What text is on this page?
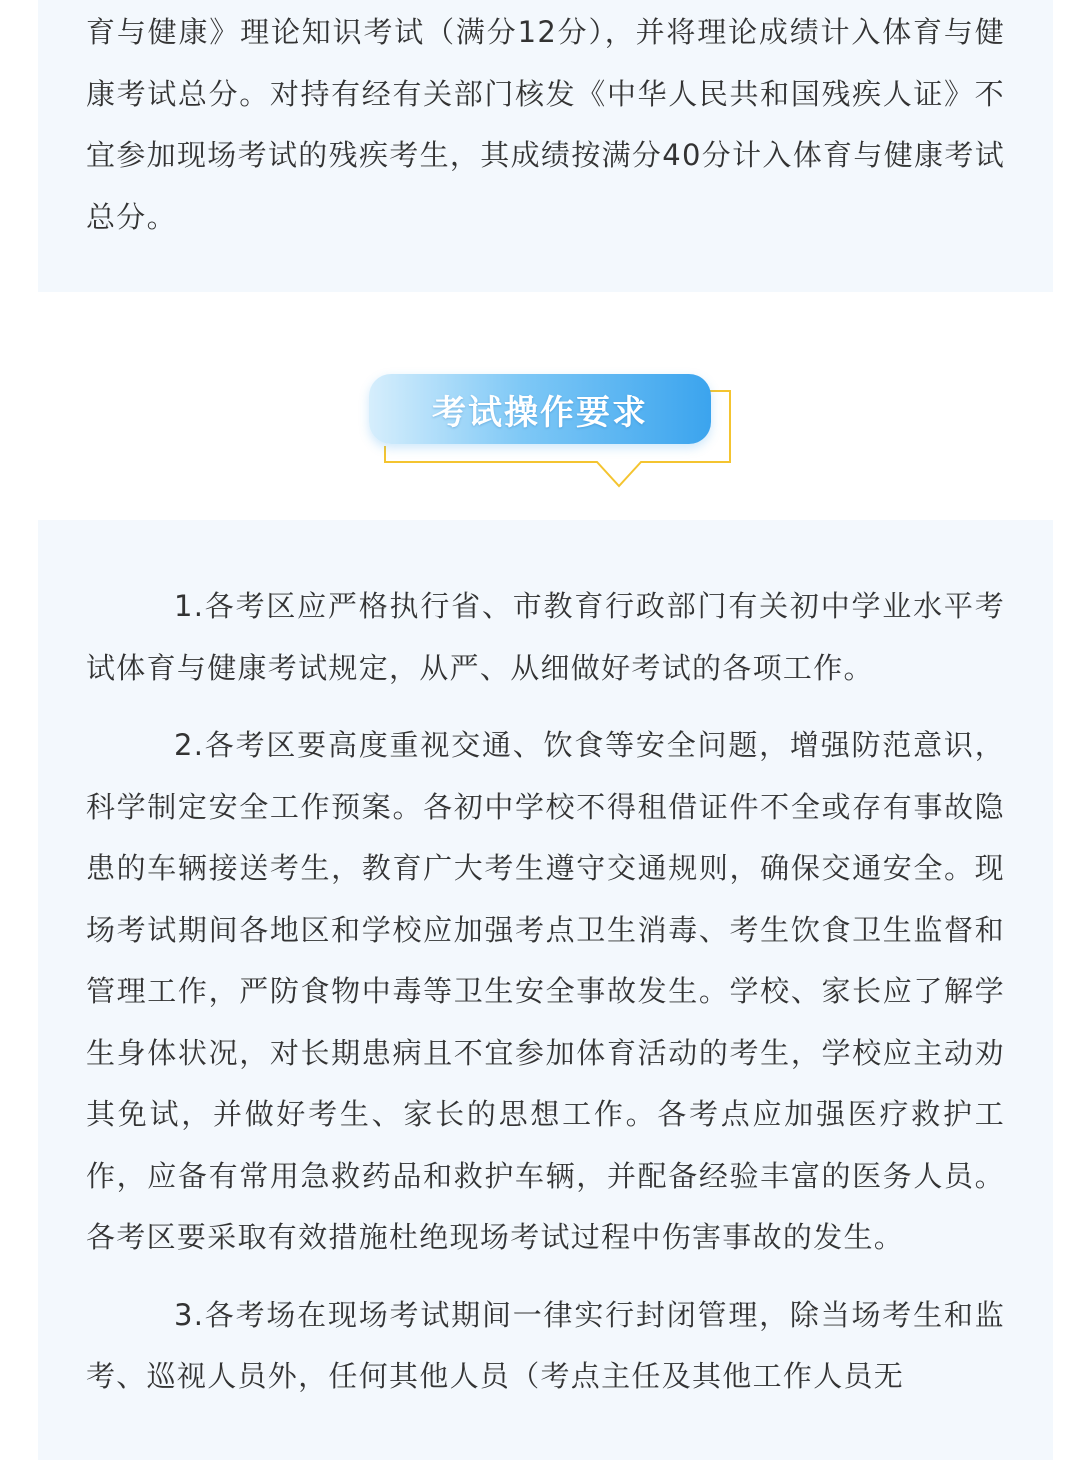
育与健康》理论知识考试（满分12分），并将理论成绩计入体育与健康考试总分。对持有经有关部门核发《中华人民共和国残疾人证》不宜参加现场考试的残疾考生，其成绩按满分40分计入体育与健康考试总分。

考试操作要求

1.各考区应严格执行省、市教育行政部门有关初中学业水平考试体育与健康考试规定，从严、从细做好考试的各项工作。

2.各考区要高度重视交通、饮食等安全问题，增强防范意识，科学制定安全工作预案。各初中学校不得租借证件不全或存有事故隐患的车辆接送考生，教育广大考生遵守交通规则，确保交通安全。现场考试期间各地区和学校应加强考点卫生消毒、考生饮食卫生监督和管理工作，严防食物中毒等卫生安全事故发生。学校、家长应了解学生身体状况，对长期患病且不宜参加体育活动的考生，学校应主动劝其免试，并做好考生、家长的思想工作。各考点应加强医疗救护工作，应备有常用急救药品和救护车辆，并配备经验丰富的医务人员。各考区要采取有效措施杜绝现场考试过程中伤害事故的发生。

3.各考场在现场考试期间一律实行封闭管理，除当场考生和监考、巡视人员外，任何其他人员（考点主任及其他工作人员无
